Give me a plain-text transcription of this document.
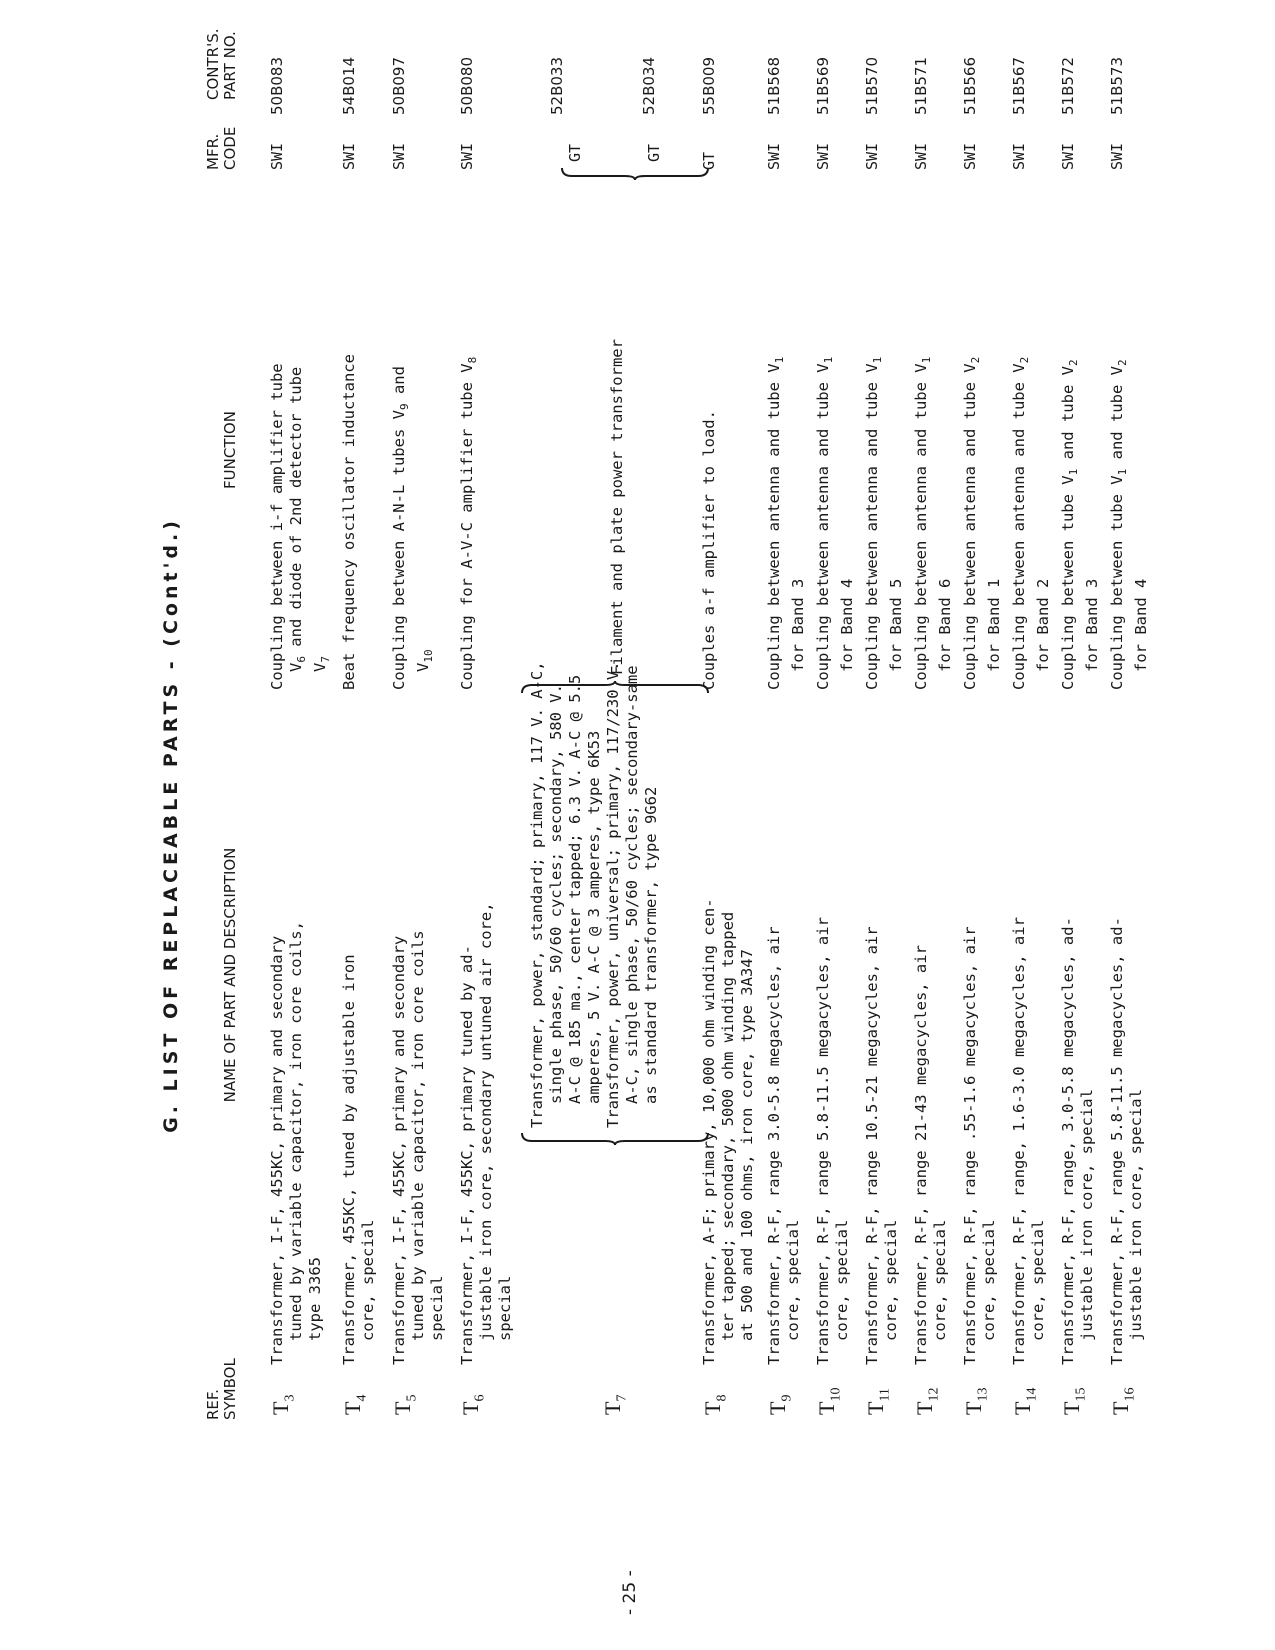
G. LIST OF REPLACEABLE PARTS - (Cont'd.)
REF. SYMBOL
NAME OF PART AND DESCRIPTION
FUNCTION
MFR. CODE
CONTR'S. PART NO.
$T_3$
Transformer, I-F, 455KC, primary and secondary tuned by variable capacitor, iron core coils, type 3365
Coupling between i-f amplifier tube $V_6$ and diode of 2nd detector tube
$V_7$
SWI
50B083
$T_4$
Transformer, 455KC, tuned by adjustable iron core, special
Beat frequency oscillator inductance
SWI
54B014
$T_5$
Transformer, I-F, 455KC, primary and secondary tuned by variable capacitor, iron core coils special
Coupling between A-N-L tubes $V_9$ and
$V_{10}$
SWI
50B097
$T_6$
Transformer, I-F, 455KC, primary tuned by ad- justable iron core, secondary untuned air core, special
Coupling for A-V-C amplifier tube $V_8$
SWI
50B080
$T_7$
Transformer, power, standard; primary, 117 V. A-C, single phase, 50/60 cycles; secondary, 580 V. A-C @ 185 ma., center tapped; 6.3 V. A-C @ 5.5 amperes, 5 V. A-C @ 3 amperes, type 6K53 Transformer, power, universal; primary, 117/230 V. A-C, single phase, 50/60 cycles; secondary-same as standard transformer, type 9G62
Filament and plate power transformer
GT
52B033
GT
52B034
$T_8$
Transformer, A-F; primary, 10,000 ohm winding cen- ter tapped; secondary, 5000 ohm winding tapped at 500 and 100 ohms, iron core, type 3A347
Couples a-f amplifier to load.
GT
55B009
$T_9$
Transformer, R-F, range 3.0-5.8 megacycles, air core, special
Coupling between antenna and tube $V_1$
for Band 3
SWI
51B568
$T_{10}$
Transformer, R-F, range 5.8-11.5 megacycles, air core, special
Coupling between antenna and tube $V_1$
for Band 4
SWI
51B569
$T_{11}$
Transformer, R-F, range 10.5-21 megacycles, air core, special
Coupling between antenna and tube $V_1$
for Band 5
SWI
51B570
$T_{12}$
Transformer, R-F, range 21-43 megacycles, air core, special
Coupling between antenna and tube $V_1$
for Band 6
SWI
51B571
$T_{13}$
Transformer, R-F, range .55-1.6 megacycles, air core, special
Coupling between antenna and tube $V_2$
for Band 1
SWI
51B566
$T_{14}$
Transformer, R-F, range, 1.6-3.0 megacycles, air core, special
Coupling between antenna and tube $V_2$
for Band 2
SWI
51B567
$T_{15}$
Transformer, R-F, range, 3.0-5.8 megacycles, ad- justable iron core, special
Coupling between tube $V_1$ and tube $V_2$
for Band 3
SWI
51B572
$T_{16}$
Transformer, R-F, range 5.8-11.5 megacycles, ad- justable iron core, special
Coupling between tube $V_1$ and tube $V_2$
for Band 4
SWI
51B573
- 25 -
